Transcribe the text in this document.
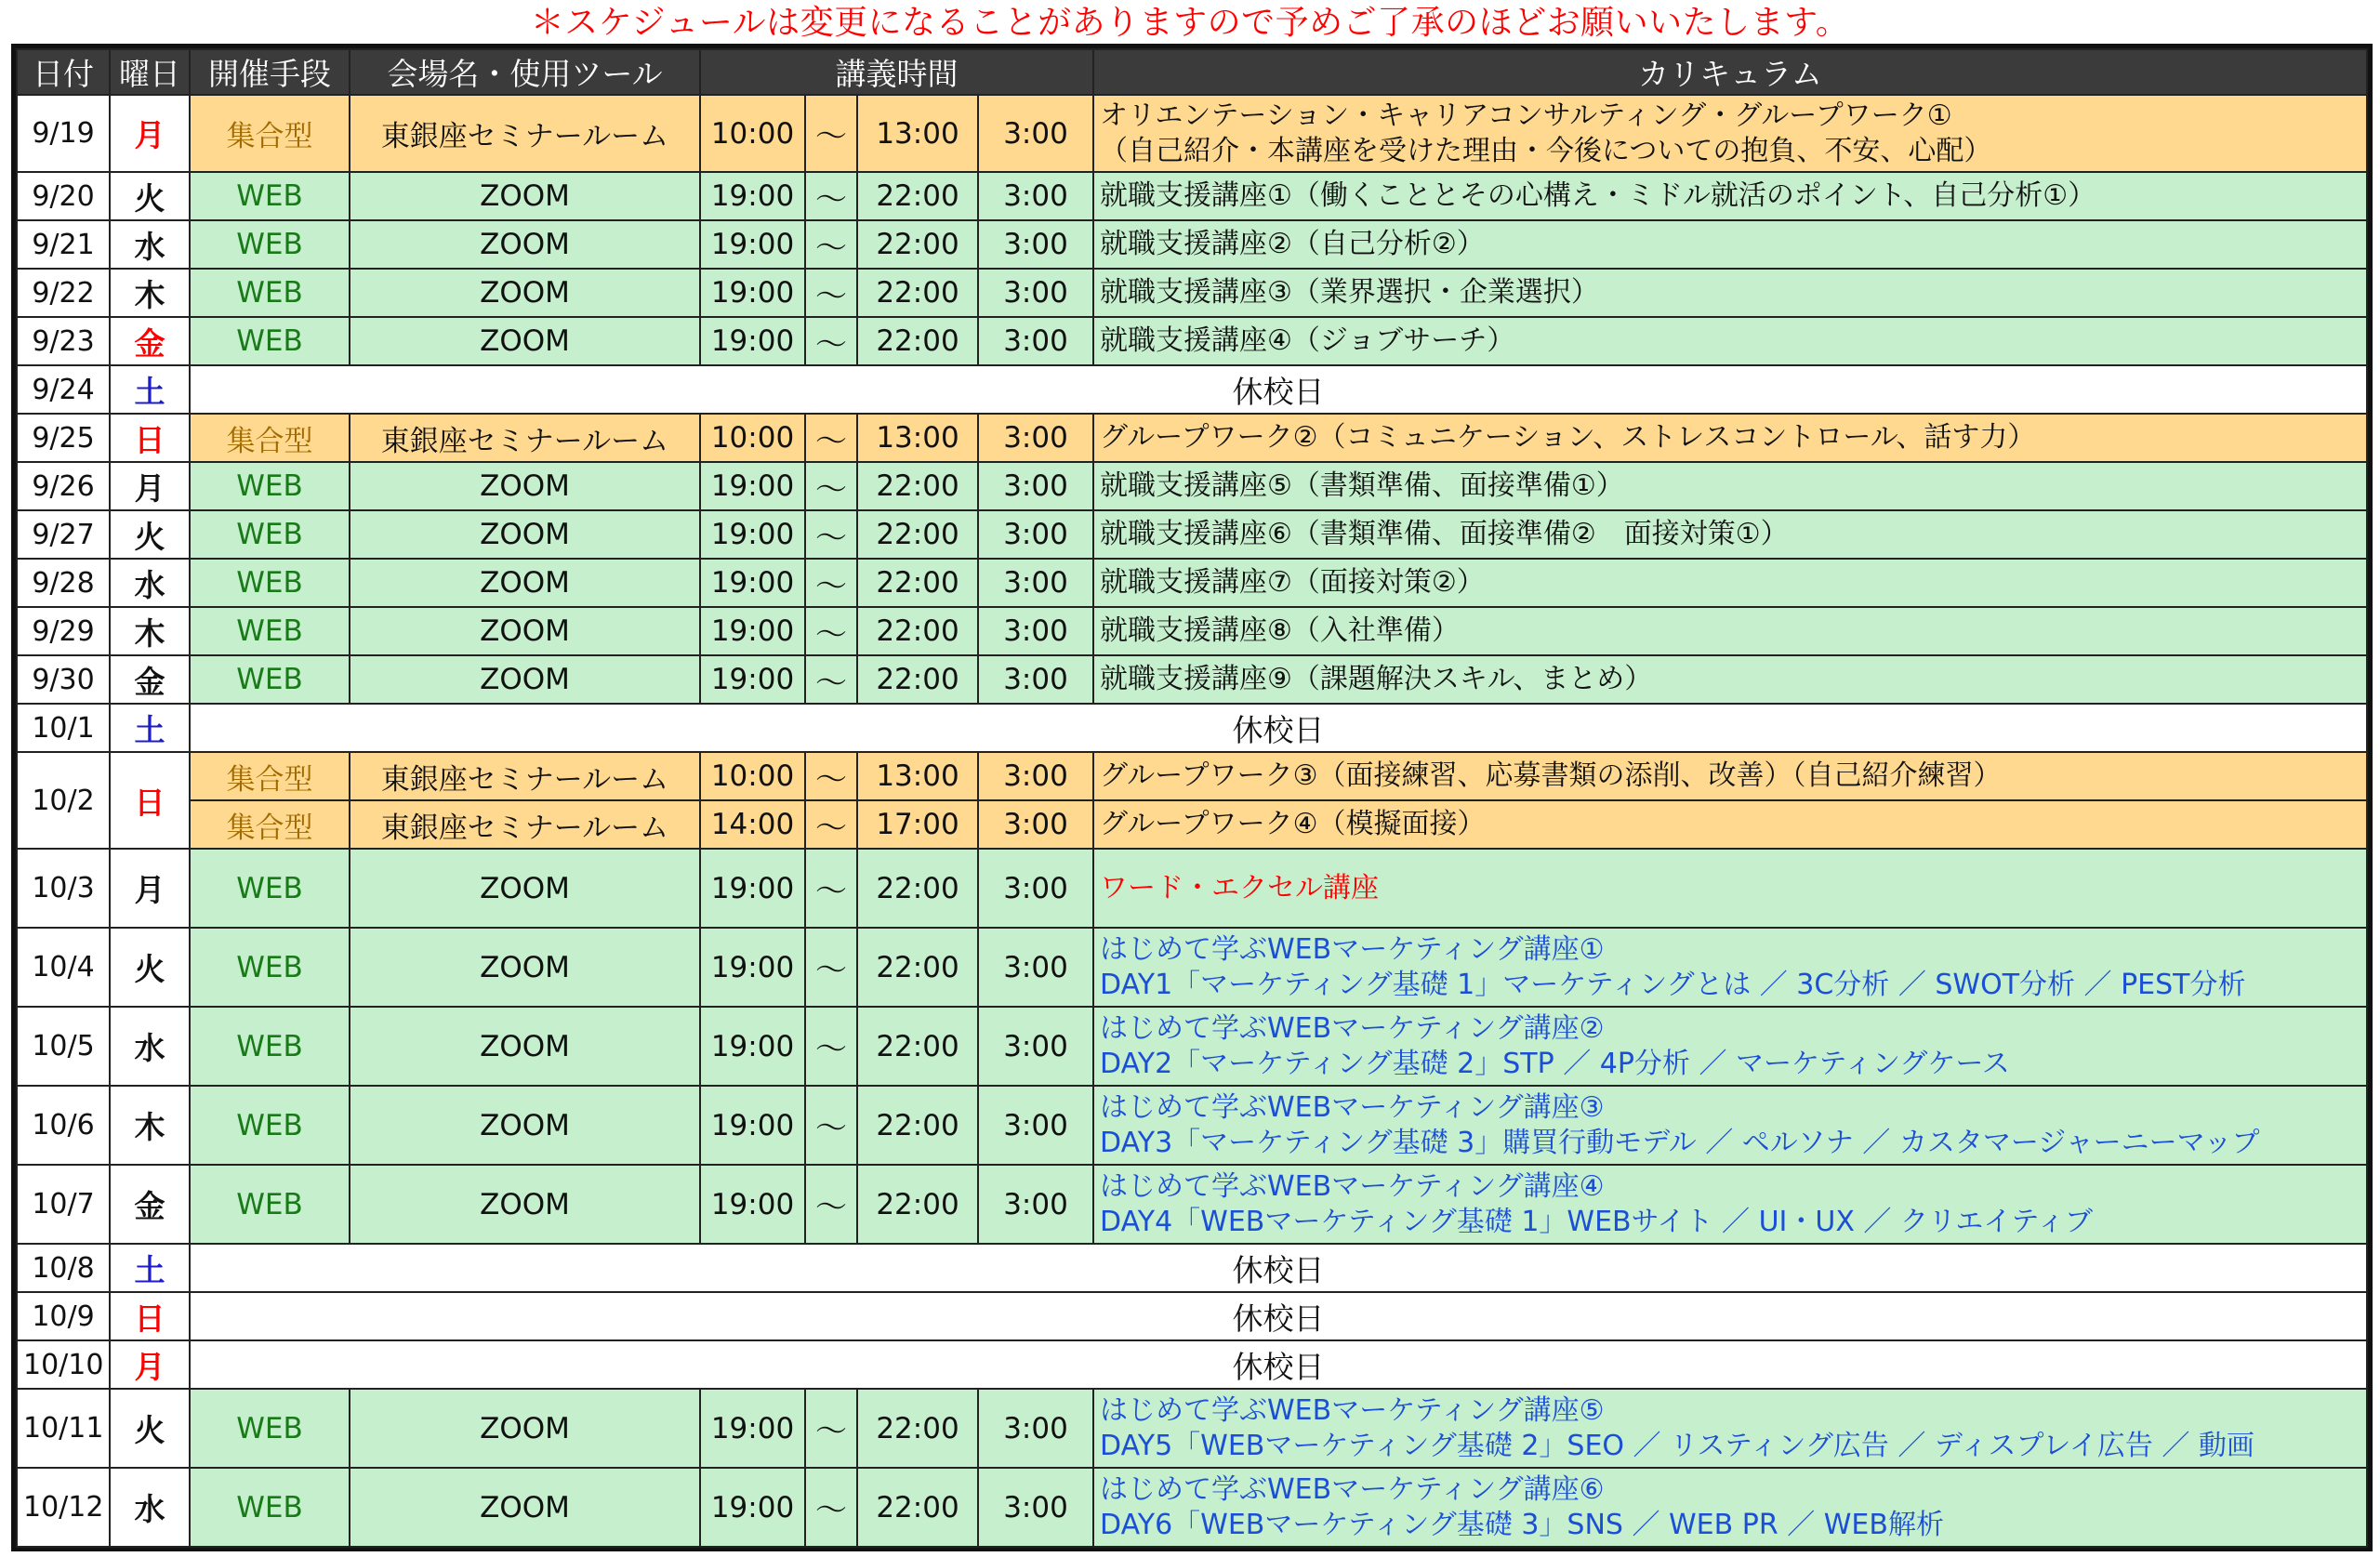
＊スケジュールは変更になることがありますので予めご了承のほどお願いいたします。
日付	曜日	開催手段	会場名・使用ツール	講義時間				カリキュラム
9/19	月	集合型	東銀座セミナールーム	10:00	〜	13:00	3:00	オリエンテーション・キャリアコンサルティング・グループワーク①
（自己紹介・本講座を受けた理由・今後についての抱負、不安、心配）

9/20	火	WEB	ZOOM	19:00	〜	22:00	3:00	就職支援講座①（働くこととその心構え・ミドル就活のポイント、自己分析①）

9/21	水	WEB	ZOOM	19:00	〜	22:00	3:00	就職支援講座②（自己分析②）

9/22	木	WEB	ZOOM	19:00	〜	22:00	3:00	就職支援講座③（業界選択・企業選択）

9/23	金	WEB	ZOOM	19:00	〜	22:00	3:00	就職支援講座④（ジョブサーチ）

9/24	土	休校日						
9/25	日	集合型	東銀座セミナールーム	10:00	〜	13:00	3:00	グループワーク②（コミュニケーション、ストレスコントロール、話す力）

9/26	月	WEB	ZOOM	19:00	〜	22:00	3:00	就職支援講座⑤（書類準備、面接準備①）

9/27	火	WEB	ZOOM	19:00	〜	22:00	3:00	就職支援講座⑥（書類準備、面接準備②　面接対策①）

9/28	水	WEB	ZOOM	19:00	〜	22:00	3:00	就職支援講座⑦（面接対策②）

9/29	木	WEB	ZOOM	19:00	〜	22:00	3:00	就職支援講座⑧（入社準備）

9/30	金	WEB	ZOOM	19:00	〜	22:00	3:00	就職支援講座⑨（課題解決スキル、まとめ）

10/1	土	休校日						
10/2	日	集合型	東銀座セミナールーム	10:00	〜	13:00	3:00	グループワーク③（面接練習、応募書類の添削、改善）（自己紹介練習）

		集合型	東銀座セミナールーム	14:00	〜	17:00	3:00	グループワーク④（模擬面接）

10/3	月	WEB	ZOOM	19:00	〜	22:00	3:00	ワード・エクセル講座

10/4	火	WEB	ZOOM	19:00	〜	22:00	3:00	はじめて学ぶWEBマーケティング講座①
DAY1「マーケティング基礎 1」マーケティングとは ／ 3C分析 ／ SWOT分析 ／ PEST分析

10/5	水	WEB	ZOOM	19:00	〜	22:00	3:00	はじめて学ぶWEBマーケティング講座②
DAY2「マーケティング基礎 2」STP ／ 4P分析 ／ マーケティングケース

10/6	木	WEB	ZOOM	19:00	〜	22:00	3:00	はじめて学ぶWEBマーケティング講座③
DAY3「マーケティング基礎 3」購買行動モデル ／ ペルソナ ／ カスタマージャーニーマップ

10/7	金	WEB	ZOOM	19:00	〜	22:00	3:00	はじめて学ぶWEBマーケティング講座④
DAY4「WEBマーケティング基礎 1」WEBサイト ／ UI・UX ／ クリエイティブ

10/8	土	休校日						
10/9	日	休校日						
10/10	月	休校日						
10/11	火	WEB	ZOOM	19:00	〜	22:00	3:00	はじめて学ぶWEBマーケティング講座⑤
DAY5「WEBマーケティング基礎 2」SEO ／ リスティング広告 ／ ディスプレイ広告 ／ 動画

10/12	水	WEB	ZOOM	19:00	〜	22:00	3:00	はじめて学ぶWEBマーケティング講座⑥
DAY6「WEBマーケティング基礎 3」SNS ／ WEB PR ／ WEB解析
